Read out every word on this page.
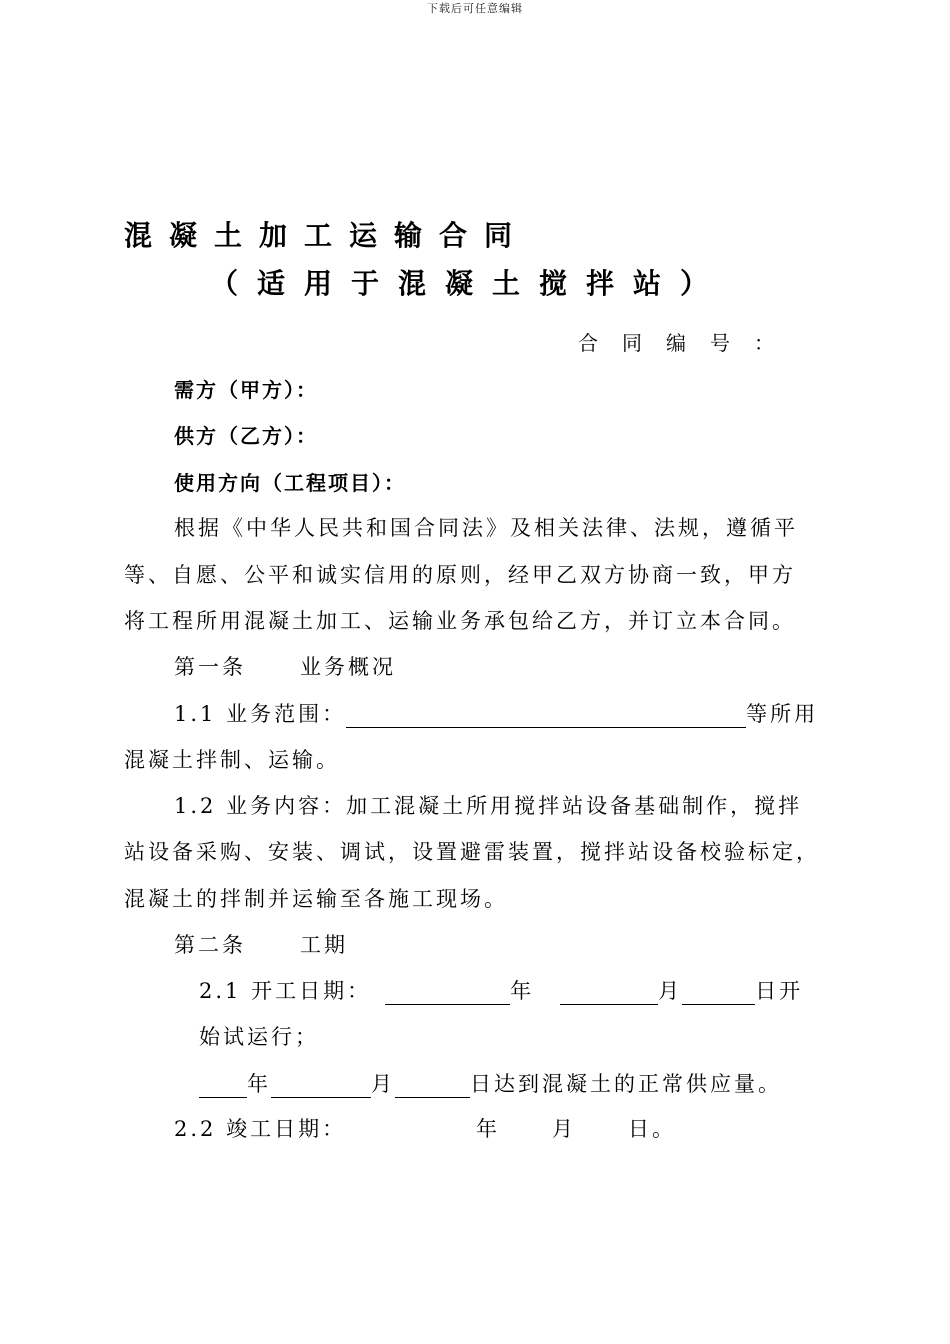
下载后可任意编辑
混凝土加工运输合同
（适用于混凝土搅拌站）
合同编号：
需方（甲方）：
供方（乙方）：
使用方向（工程项目）：
根据《中华人民共和国合同法》及相关法律、法规，遵循平
等、自愿、公平和诚实信用的原则，经甲乙双方协商一致，甲方
将工程所用混凝土加工、运输业务承包给乙方，并订立本合同。
第一条	业务概况
1.1 业务范围：	等所用
混凝土拌制、运输。
1.2 业务内容：加工混凝土所用搅拌站设备基础制作，搅拌
站设备采购、安装、调试，设置避雷装置，搅拌站设备校验标定，
混凝土的拌制并运输至各施工现场。
第二条	工期
2.1 开工日期：	年	月	日开
始试运行；
年	月	日达到混凝土的正常供应量。
2.2 竣工日期：	年 月 日。
